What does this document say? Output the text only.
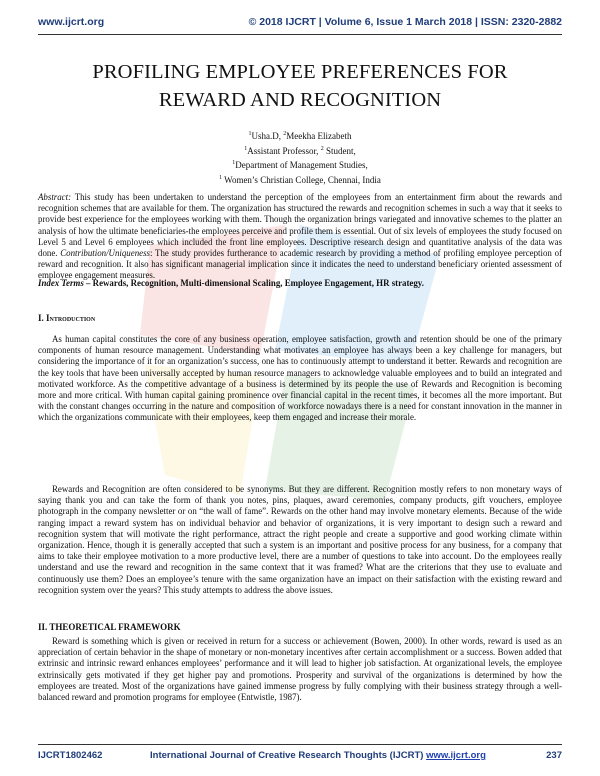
www.ijcrt.org	© 2018 IJCRT | Volume 6, Issue 1 March 2018 | ISSN: 2320-2882
PROFILING EMPLOYEE PREFERENCES FOR
REWARD AND RECOGNITION
$^1$Usha.D, $^2$Meekha Elizabeth
$^1$Assistant Professor, $^2$ Student,
$^1$Department of Management Studies,
$^1$ Women’s Christian College, Chennai, India
Abstract: This study has been undertaken to understand the perception of the employees from an entertainment firm about the rewards and recognition schemes that are available for them. The organization has structured the rewards and recognition schemes in such a way that it seeks to provide best experience for the employees working with them. Though the organization brings variegated and innovative schemes to the platter an analysis of how the ultimate beneficiaries-the employees perceive and profile them is essential. Out of six levels of employees the study focused on Level 5 and Level 6 employees which included the front line employees. Descriptive research design and quantitative analysis of the data was done. Contribution/Uniqueness: The study provides furtherance to academic research by providing a method of profiling employee perception of reward and recognition. It also has significant managerial implication since it indicates the need to understand beneficiary oriented assessment of employee engagement measures.
Index Terms – Rewards, Recognition, Multi-dimensional Scaling, Employee Engagement, HR strategy.
I. Introduction
As human capital constitutes the core of any business operation, employee satisfaction, growth and retention should be one of the primary components of human resource management. Understanding what motivates an employee has always been a key challenge for managers, but considering the importance of it for an organization’s success, one has to continuously attempt to understand it better. Rewards and recognition are the key tools that have been universally accepted by human resource managers to acknowledge valuable employees and to build an integrated and motivated workforce. As the competitive advantage of a business is determined by its people the use of Rewards and Recognition is becoming more and more critical. With human capital gaining prominence over financial capital in the recent times, it becomes all the more important. But with the constant changes occurring in the nature and composition of workforce nowadays there is a need for constant innovation in the manner in which the organizations communicate with their employees, keep them engaged and increase their morale.
Rewards and Recognition are often considered to be synonyms. But they are different. Recognition mostly refers to non monetary ways of saying thank you and can take the form of thank you notes, pins, plaques, award ceremonies, company products, gift vouchers, employee photograph in the company newsletter or on “the wall of fame”. Rewards on the other hand may involve monetary elements. Because of the wide ranging impact a reward system has on individual behavior and behavior of organizations, it is very important to design such a reward and recognition system that will motivate the right performance, attract the right people and create a supportive and good working climate within organization. Hence, though it is generally accepted that such a system is an important and positive process for any business, for a company that aims to take their employee motivation to a more productive level, there are a number of questions to take into account. Do the employees really understand and use the reward and recognition in the same context that it was framed? What are the criterions that they use to evaluate and continuously use them? Does an employee’s tenure with the same organization have an impact on their satisfaction with the existing reward and recognition system over the years? This study attempts to address the above issues.
II. THEORETICAL FRAMEWORK
Reward is something which is given or received in return for a success or achievement (Bowen, 2000). In other words, reward is used as an appreciation of certain behavior in the shape of monetary or non-monetary incentives after certain accomplishment or a success. Bowen added that extrinsic and intrinsic reward enhances employees’ performance and it will lead to higher job satisfaction. At organizational levels, the employee extrinsically gets motivated if they get higher pay and promotions. Prosperity and survival of the organizations is determined by how the employees are treated. Most of the organizations have gained immense progress by fully complying with their business strategy through a well-balanced reward and promotion programs for employee (Entwistle, 1987).
IJCRT1802462	International Journal of Creative Research Thoughts (IJCRT) www.ijcrt.org	237
